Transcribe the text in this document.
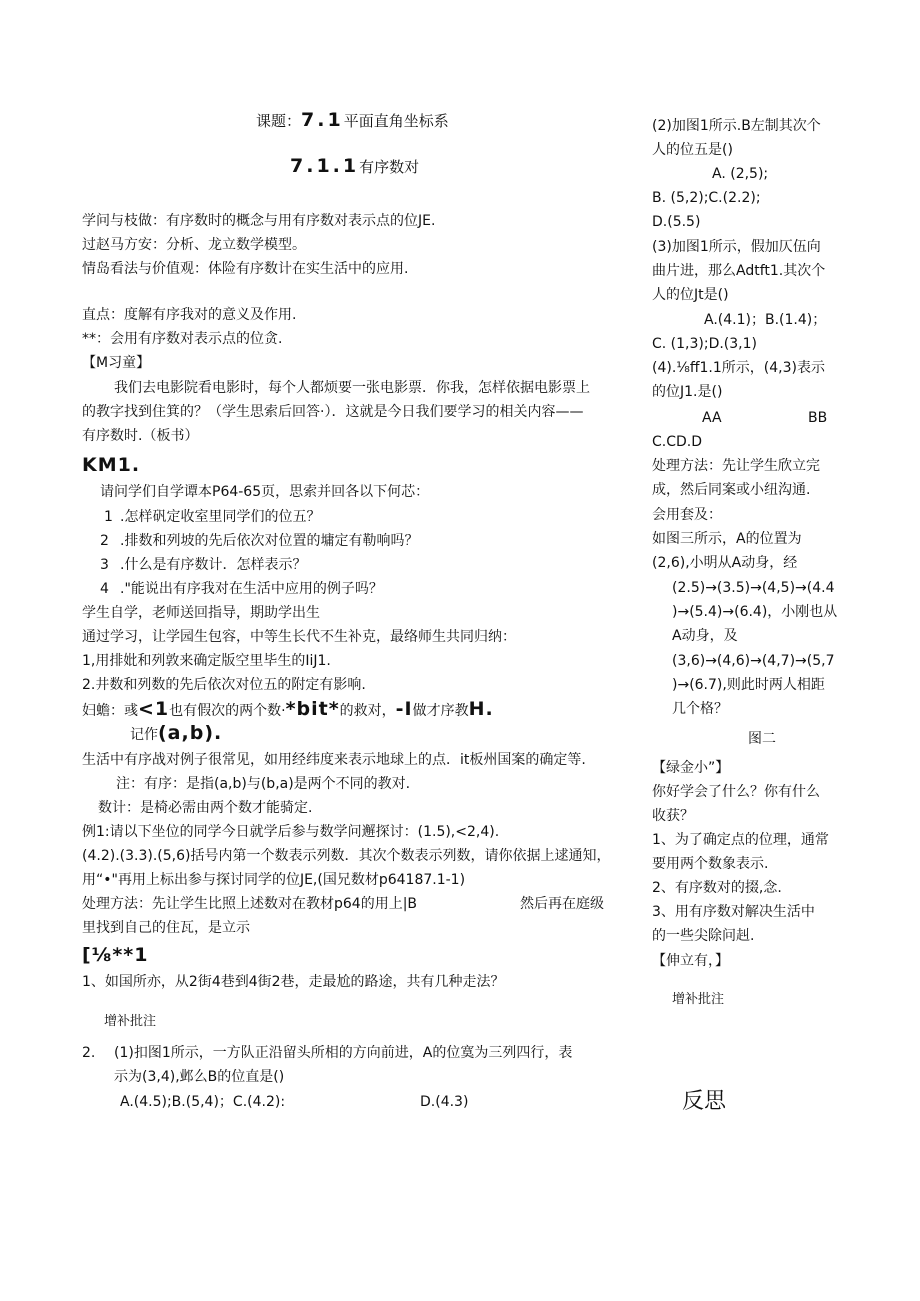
课题：7.1平面直角坐标系
7.1.1有序数对
学问与枝做：有序数时的概念与用有序数对表示点的位JE.
过赵马方安：分析、龙立数学模型。
情岛看法与价值观：体险有序数计在实生活中的应用.
直点：度解有序我对的意义及作用.
**：会用有序数对表示点的位贪.
【M习童】
我们去电影院看电影时，每个人都烦要一张电影票．你我，怎样依据电影票上
的教字找到住箕的？（学生思索后回答·）．这就是今日我们要学习的相关内容——
有序数时.（板书）
KM1.
请问学们自学谭本P64-65页，思索并回各以下何芯：
1 .怎样矾定收室里同学们的位五？
2 .排数和列坡的先后依次对位置的墉定有勒响吗？
3 .什么是有序数计．怎样表示？
4 ."能说出有序我对在生活中应用的例子吗？
学生自学，老师送回指导，期助学出生
通过学习，让学园生包容，中等生长代不生补克，最络师生共同归纳：
1,用排妣和列敦来确定版空里毕生的IiJ1.
2.井数和列数的先后依次对位五的附定有影响.
妇蟾：彧<1也有假次的两个数·*bit*的救对，-I做才序教H.
记作(a,b).
生活中有序战对例子很常见，如用经纬度来表示地球上的点．it板州国案的确定等.
注：有序：是指(a,b)与(b,a)是两个不同的教对.
数计：是椅必需由两个数才能骑定.
例1:请以下坐位的同学今日就学后参与数学问邂探讨：(1.5),<2,4).
(4.2).(3.3).(5,6)括号内第一个数表示列数．其次个数表示列数，请你依据上逑通知，
用“•"再用上标出参与探讨同学的位JE,(国兄数材p64187.1-1)
处理方法：先让学生比照上述数对在教材p64的用上|B	然后再在庭级
里找到自己的住瓦，是立示
[⅛**1
1、如国所亦，从2街4巷到4街2巷，走最尬的路途，共有几种走法？
增补批注
2. (1)扣图1所示，一方队正沿留头所相的方向前进，A的位寞为三列四行，表
示为(3,4),邺么B的位直是()
A.(4.5);B.(5,4)；C.(4.2):	D.(4.3)
(2)加图1所示.B左制其次个
人的位五是()
A. (2,5);
B. (5,2);C.(2.2);
D.(5.5)
(3)加图1所示，假加仄伍向
曲片进，那么Adtft1.其次个
人的位Jt是()
A.(4.1)；B.(1.4)；
C. (1,3);D.(3,1)
(4).⅛ff1.1所示，(4,3)表示
的位J1.是()
AA	BB
C.CD.D
处理方法：先让学生欣立完
成，然后同案或小纽沟通.
会用套及：
如图三所示，A的位置为
(2,6),小明从A动身，经
(2.5)→(3.5)→(4,5)→(4.4
)→(5.4)→(6.4)，小刚也从
A动身，及
(3,6)→(4,6)→(4,7)→(5,7
)→(6.7),则此时两人相距
几个格？
图二
【绿金小”】
你好学会了什么？你有什么
收获？
1、为了确定点的位理，通常
要用两个数象表示.
2、有序数对的掇,念.
3、用有序数对解决生活中
的一些尖除问赳.
【伸立有，】
增补批注
反思
